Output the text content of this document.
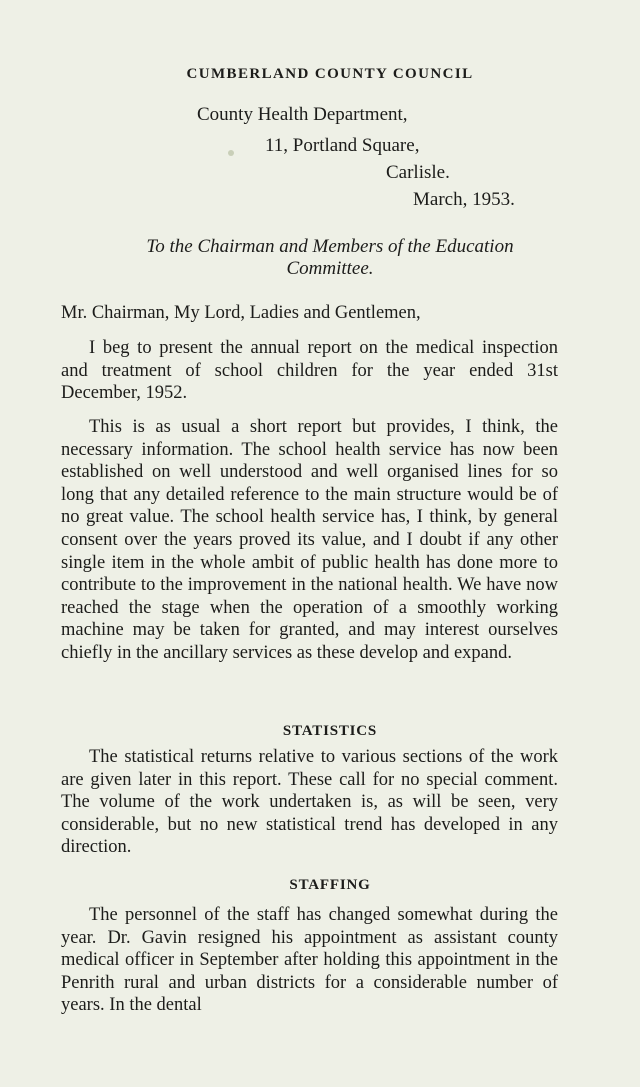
CUMBERLAND COUNTY COUNCIL
County Health Department,
11, Portland Square,
Carlisle.
March, 1953.
To the Chairman and Members of the Education
Committee.

Mr. Chairman, My Lord, Ladies and Gentlemen,

I beg to present the annual report on the medical inspection and treatment of school children for the year ended 31st December, 1952.

This is as usual a short report but provides, I think, the necessary information. The school health service has now been established on well understood and well organised lines for so long that any detailed reference to the main structure would be of no great value. The school health service has, I think, by general consent over the years proved its value, and I doubt if any other single item in the whole ambit of public health has done more to contribute to the improvement in the national health. We have now reached the stage when the operation of a smoothly working machine may be taken for granted, and may interest ourselves chiefly in the ancillary services as these develop and expand.

STATISTICS

The statistical returns relative to various sections of the work are given later in this report. These call for no special comment. The volume of the work undertaken is, as will be seen, very considerable, but no new statistical trend has developed in any direction.

STAFFING

The personnel of the staff has changed somewhat during the year. Dr. Gavin resigned his appointment as assistant county medical officer in September after holding this appointment in the Penrith rural and urban districts for a considerable number of years. In the dental
